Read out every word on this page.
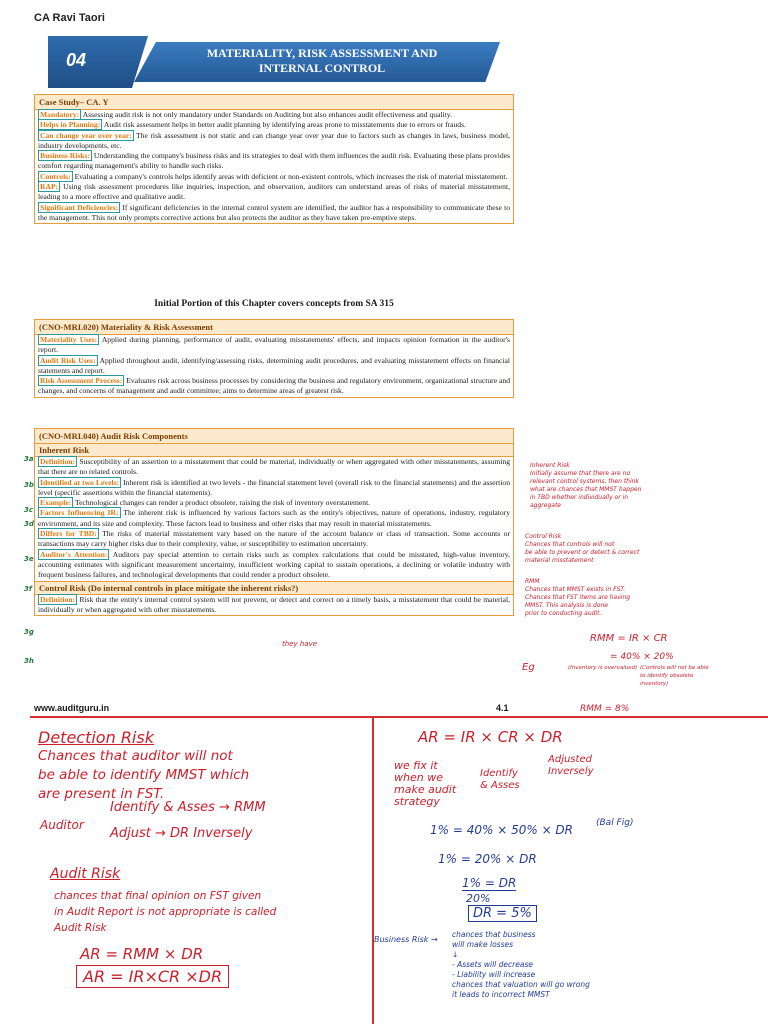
CA Ravi Taori
04	MATERIALITY, RISK ASSESSMENT AND
INTERNAL CONTROL
Case Study– CA. Y
Mandatory: Assessing audit risk is not only mandatory under Standards on Auditing but also enhances audit effectiveness and quality.
Helps in Planning: Audit risk assessment helps in better audit planning by identifying areas prone to misstatements due to errors or frauds.
Can change year over year: The risk assessment is not static and can change year over year due to factors such as changes in laws, business model, industry developments, etc.
Business Risks: Understanding the company's business risks and its strategies to deal with them influences the audit risk. Evaluating these plans provides comfort regarding management's ability to handle such risks.
Controls: Evaluating a company's controls helps identify areas with deficient or non-existent controls, which increases the risk of material misstatement.
RAP: Using risk assessment procedures like inquiries, inspection, and observation, auditors can understand areas of risks of material misstatement, leading to a more effective and qualitative audit.
Significant Deficiencies: If significant deficiencies in the internal control system are identified, the auditor has a responsibility to communicate these to the management. This not only prompts corrective actions but also protects the auditor as they have taken pre-emptive steps.
Initial Portion of this Chapter covers concepts from SA 315
(CNO-MRI.020) Materiality & Risk Assessment
Materiality Uses: Applied during planning, performance of audit, evaluating misstatements' effects, and impacts opinion formation in the auditor's report.
Audit Risk Uses: Applied throughout audit, identifying/assessing risks, determining audit procedures, and evaluating misstatement effects on financial statements and report.
Risk Assessment Process: Evaluates risk across business processes by considering the business and regulatory environment, organizational structure and changes, and concerns of management and audit committee; aims to determine areas of greatest risk.
(CNO-MRI.040) Audit Risk Components
Inherent Risk
Definition: Susceptibility of an assertion to a misstatement that could be material, individually or when aggregated with other misstatements, assuming that there are no related controls.
Identified at two Levels: Inherent risk is identified at two levels - the financial statement level (overall risk to the financial statements) and the assertion level (specific assertions within the financial statements).
Example: Technological changes can render a product obsolete, raising the risk of inventory overstatement.
Factors Influencing IR: The inherent risk is influenced by various factors such as the entity's objectives, nature of operations, industry, regulatory environment, and its size and complexity. These factors lead to business and other risks that may result in material misstatements.
Differs for TBD: The risks of material misstatement vary based on the nature of the account balance or class of transaction. Some accounts or transactions may carry higher risks due to their complexity, value, or susceptibility to estimation uncertainty.
Auditor's Attention: Auditors pay special attention to certain risks such as complex calculations that could be misstated, high-value inventory, accounting estimates with significant measurement uncertainty, insufficient working capital to sustain operations, a declining or volatile industry with frequent business failures, and technological developments that could render a product obsolete.
Control Risk (Do internal controls in place mitigate the inherent risks?)
Definition: Risk that the entity's internal control system will not prevent, or detect and correct on a timely basis, a misstatement that could be material, individually or when aggregated with other misstatements.
www.auditguru.in	4.1
3a
3b
3c
3d
3e
3f
3g
3h
Inherent Risk
Initially assume that there are no
relevant control systems, then think
what are chances that MMST happen
in TBD whether individually or in
aggregate
Control Risk
Chances that controls will not
be able to prevent or detect & correct
material misstatement
RMM
Chances that MMST exists in FST.
Chances that FST items are having
MMST. This analysis is done
prior to conducting audit.
RMM = IR × CR
Eg
= 40% × 20%
(Inventory is overvalued) (Controls will not be able to identify obsolete inventory)
RMM = 8%
they have
Detection Risk
Chances that auditor will not
be able to identify MMST which
are present in FST.
Auditor
Identify & Asses → RMM
Adjust → DR Inversely
Audit Risk
chances that final opinion on FST given
in Audit Report is not appropriate is called
Audit Risk
AR = RMM × DR
AR = IR×CR ×DR
AR = IR × CR × DR
we fix it
when we
make audit
strategy
Identify
& Asses
Adjusted
Inversely
1% = 40% × 50% × DR	(Bal Fig)
1% = 20% × DR
1% = DR
20%
DR = 5%
Business Risk →
chances that business
will make losses
↓
- Assets will decrease
- Liability will increase
chances that valuation will go wrong
it leads to incorrect MMST
